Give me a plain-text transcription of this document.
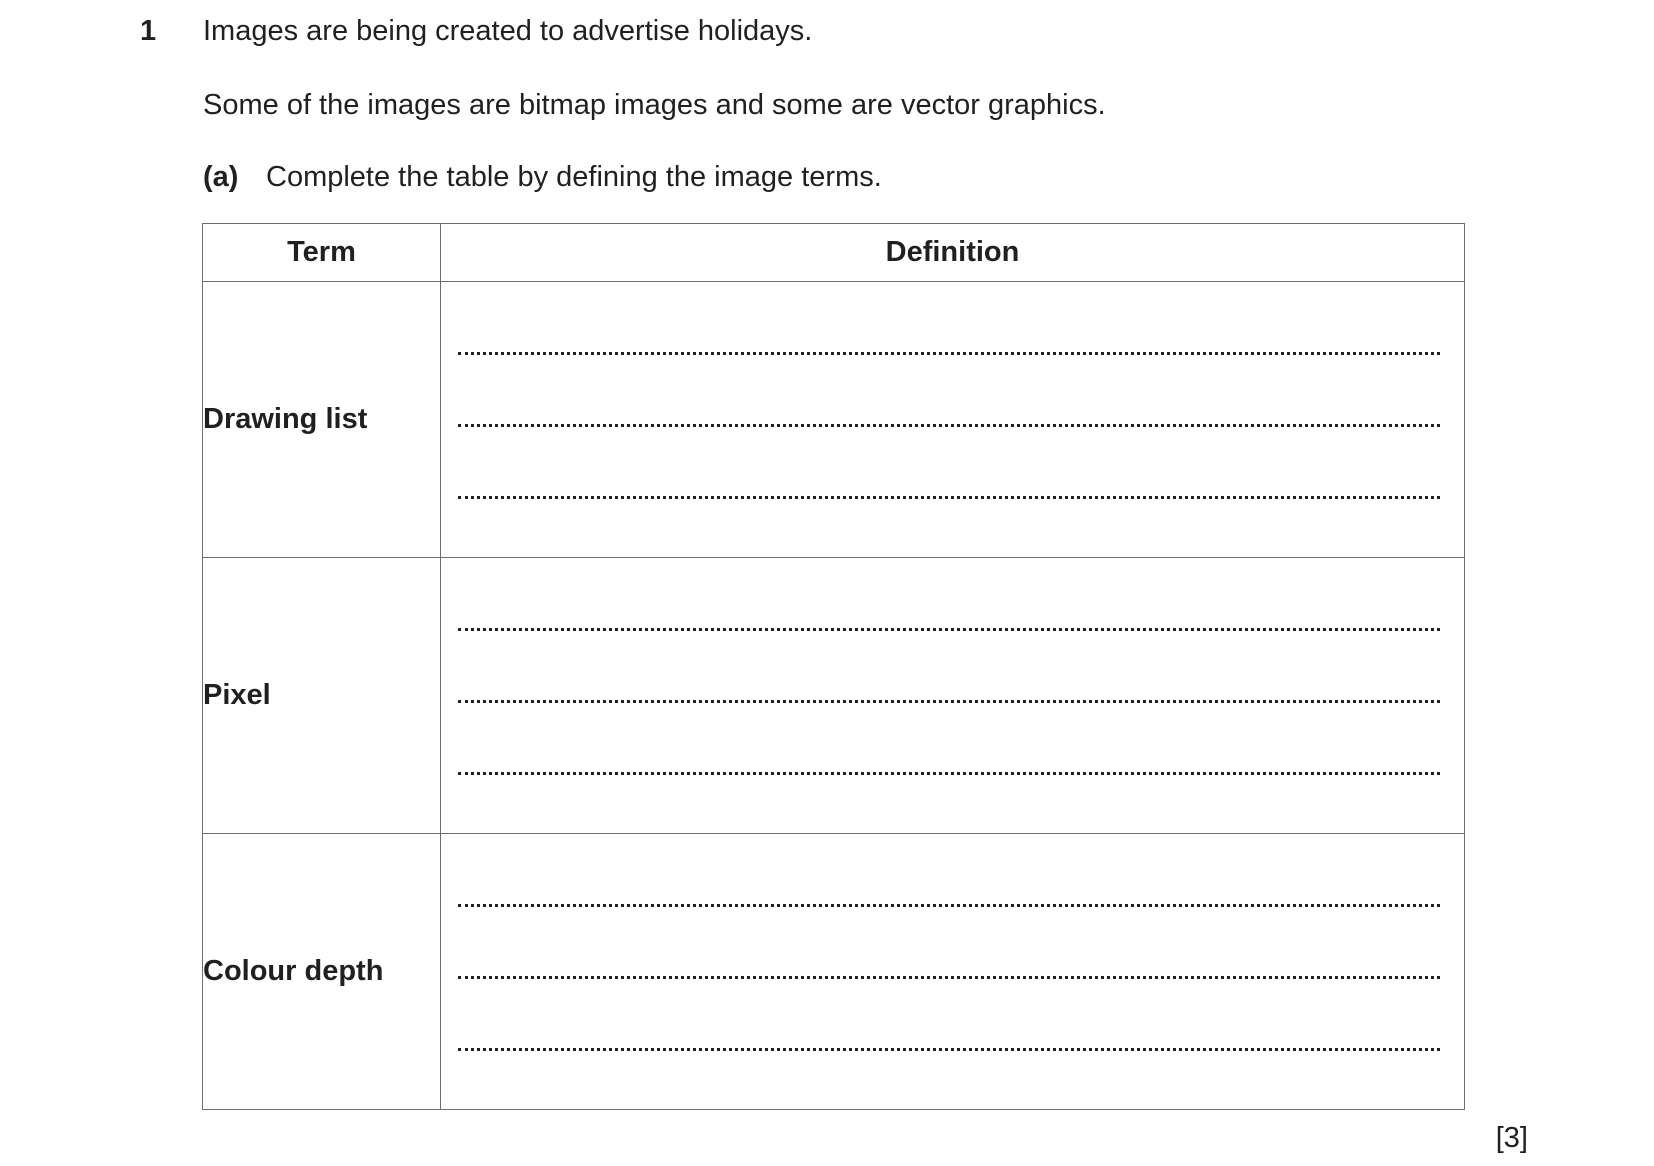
1 Images are being created to advertise holidays.
Some of the images are bitmap images and some are vector graphics.
(a) Complete the table by defining the image terms.
Term	Definition
Drawing list	

Pixel	

Colour depth	
[3]
